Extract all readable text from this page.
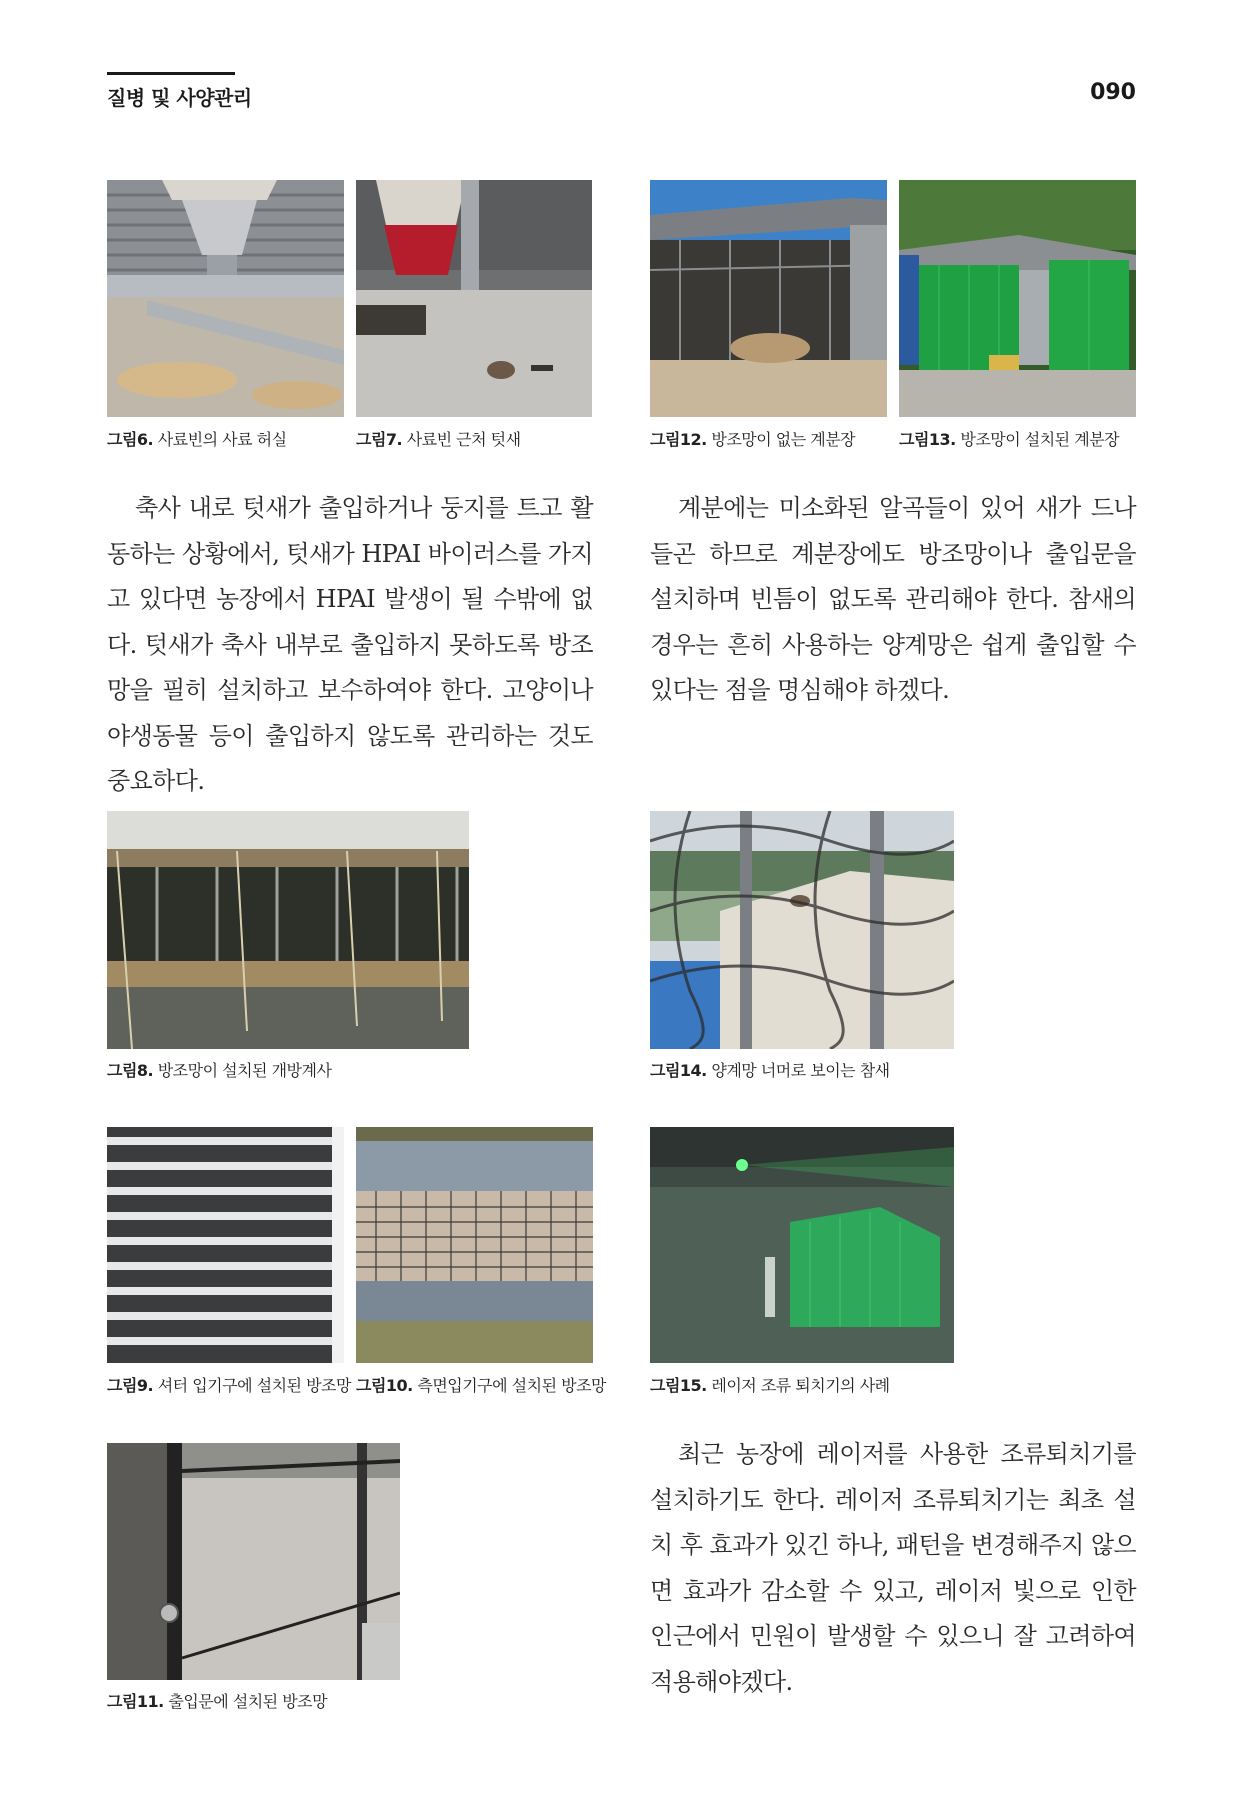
질병 및 사양관리	090
그림6. 사료빈의 사료 허실	그림7. 사료빈 근처 텃새	그림12. 방조망이 없는 계분장	그림13. 방조망이 설치된 계분장
축사 내로 텃새가 출입하거나 둥지를 트고 활동하는 상황에서, 텃새가 HPAI 바이러스를 가지고 있다면 농장에서 HPAI 발생이 될 수밖에 없다. 텃새가 축사 내부로 출입하지 못하도록 방조망을 필히 설치하고 보수하여야 한다. 고양이나 야생동물 등이 출입하지 않도록 관리하는 것도 중요하다.
계분에는 미소화된 알곡들이 있어 새가 드나들곤 하므로 계분장에도 방조망이나 출입문을 설치하며 빈틈이 없도록 관리해야 한다. 참새의 경우는 흔히 사용하는 양계망은 쉽게 출입할 수 있다는 점을 명심해야 하겠다.
그림8. 방조망이 설치된 개방계사	그림14. 양계망 너머로 보이는 참새
그림9. 셔터 입기구에 설치된 방조망 그림10. 측면입기구에 설치된 방조망	그림15. 레이저 조류 퇴치기의 사례
그림11. 출입문에 설치된 방조망
최근 농장에 레이저를 사용한 조류퇴치기를 설치하기도 한다. 레이저 조류퇴치기는 최초 설치 후 효과가 있긴 하나, 패턴을 변경해주지 않으면 효과가 감소할 수 있고, 레이저 빛으로 인한 인근에서 민원이 발생할 수 있으니 잘 고려하여 적용해야겠다.
